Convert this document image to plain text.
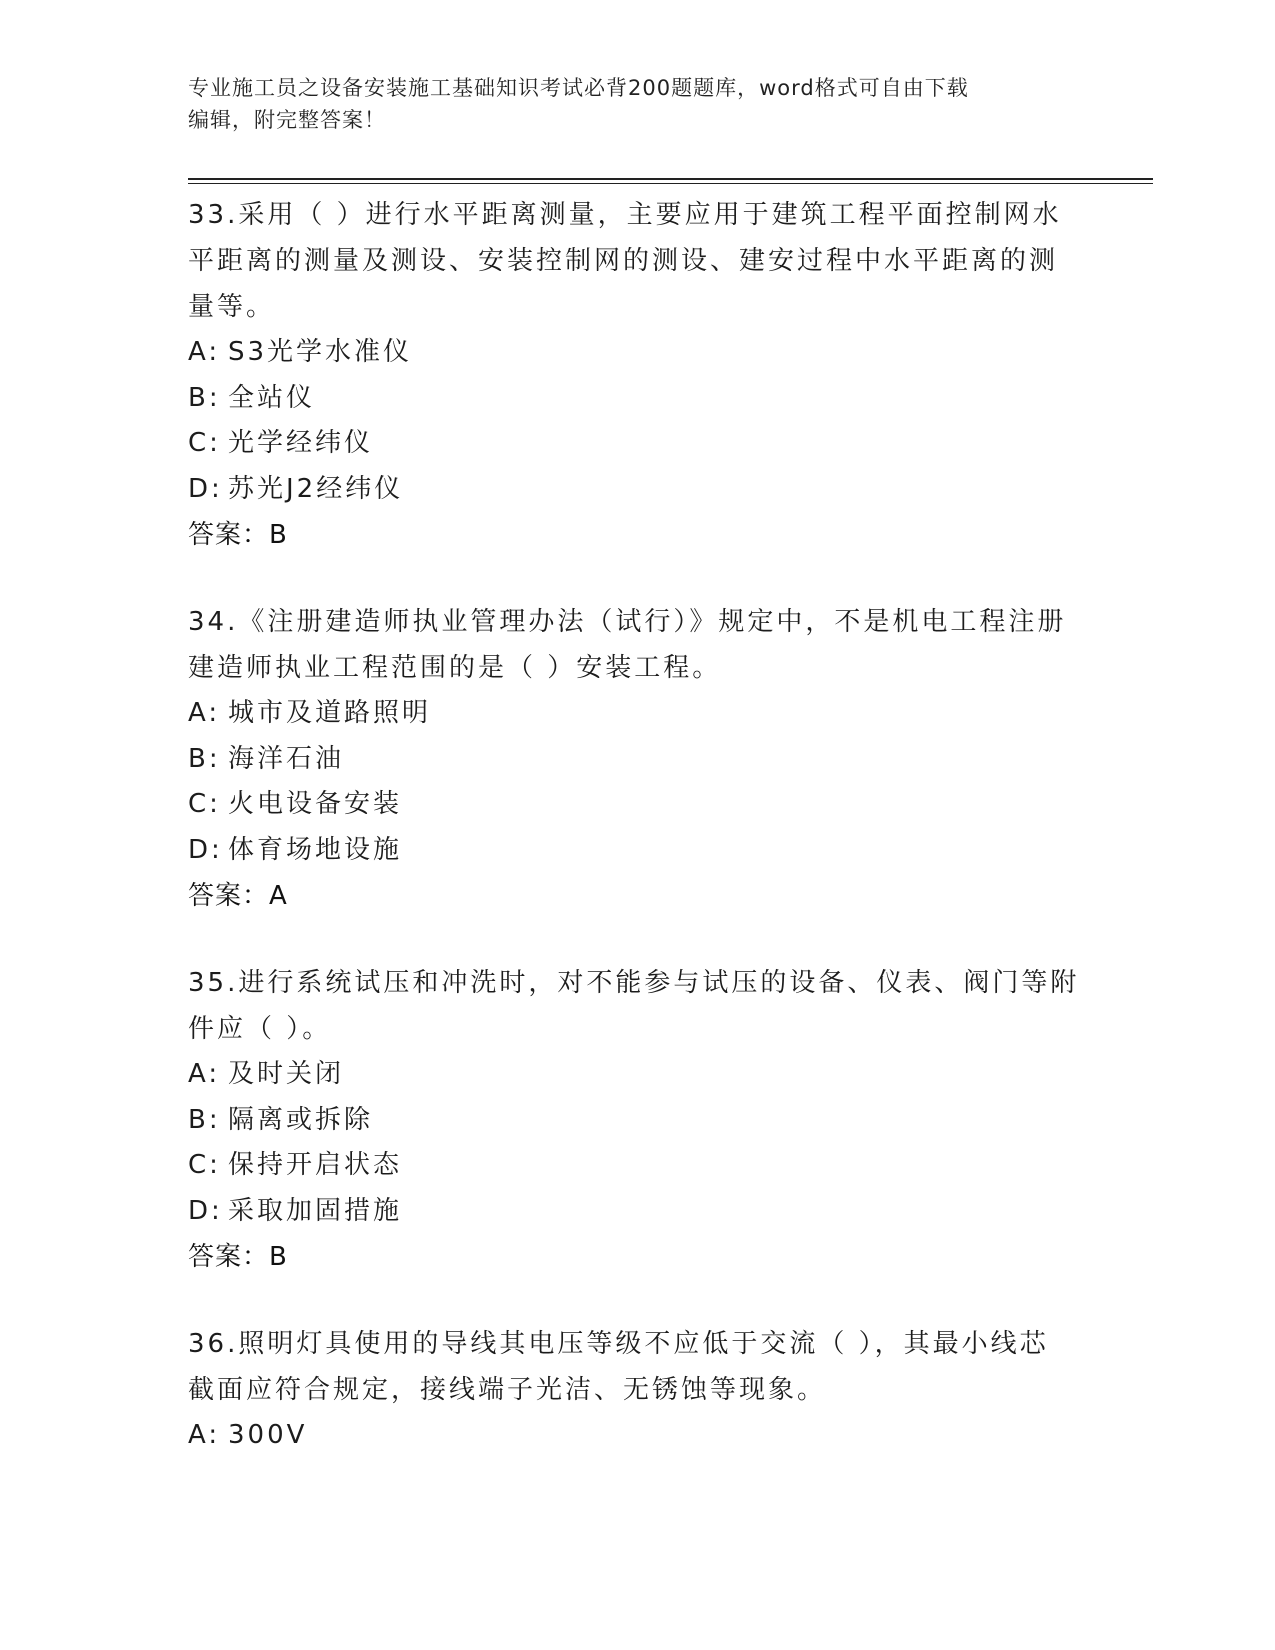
专业施工员之设备安装施工基础知识考试必背200题题库，word格式可自由下载
编辑，附完整答案！

33.采用（ ）进行水平距离测量，主要应用于建筑工程平面控制网水

平距离的测量及测设、安装控制网的测设、建安过程中水平距离的测

量等。

A: S3光学水准仪
B: 全站仪
C: 光学经纬仪
D: 苏光J2经纬仪

答案：B

34.《注册建造师执业管理办法（试行）》规定中，不是机电工程注册

建造师执业工程范围的是（ ）安装工程。

A: 城市及道路照明
B: 海洋石油
C: 火电设备安装
D: 体育场地设施

答案：A

35.进行系统试压和冲洗时，对不能参与试压的设备、仪表、阀门等附

件应（ ）。

A: 及时关闭
B: 隔离或拆除
C: 保持开启状态
D: 采取加固措施

答案：B

36.照明灯具使用的导线其电压等级不应低于交流（ ），其最小线芯

截面应符合规定，接线端子光洁、无锈蚀等现象。

A: 300V
